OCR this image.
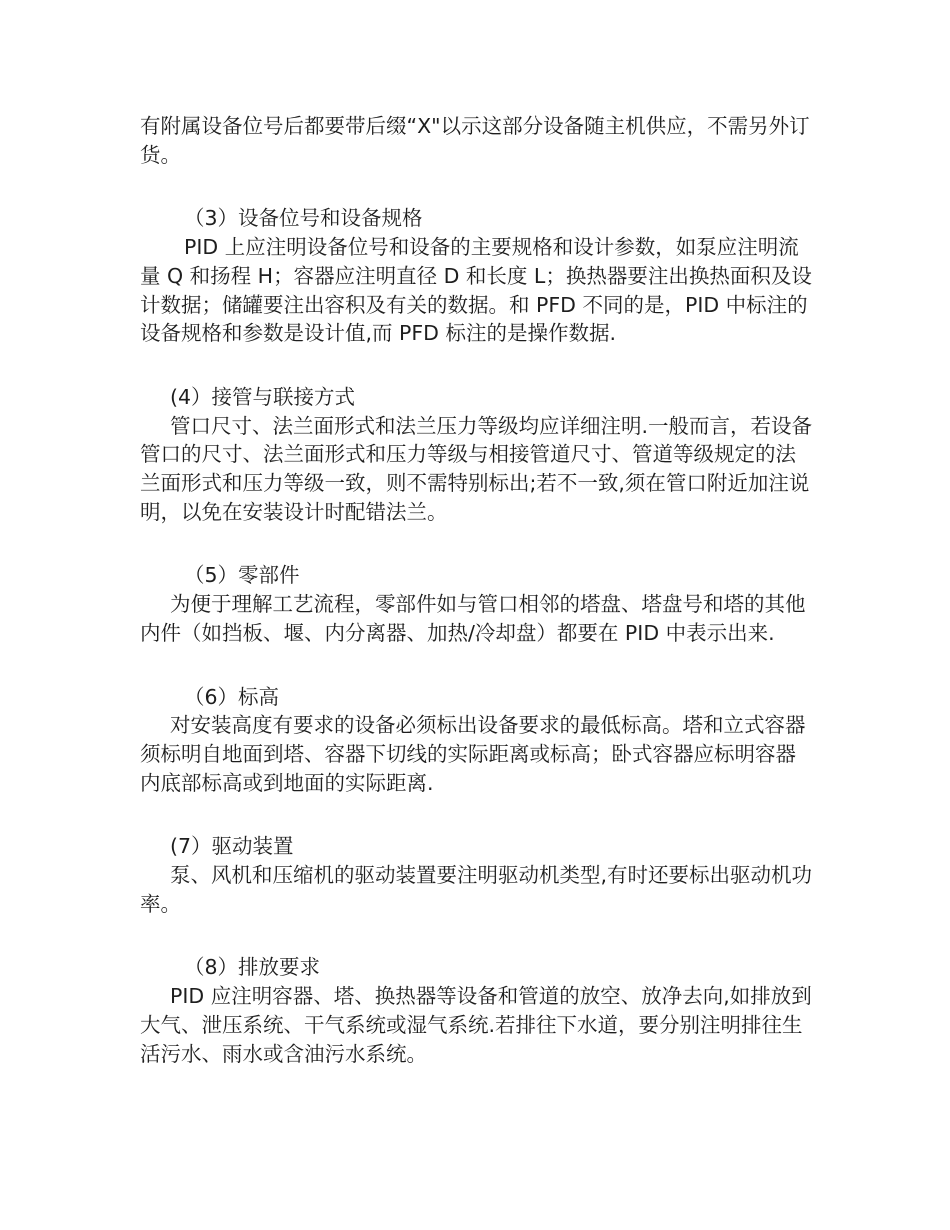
有附属设备位号后都要带后缀“X"以示这部分设备随主机供应，不需另外订货。

（3）设备位号和设备规格

PID 上应注明设备位号和设备的主要规格和设计参数，如泵应注明流量 Q 和扬程 H；容器应注明直径 D 和长度 L；换热器要注出换热面积及设计数据；储罐要注出容积及有关的数据。和 PFD 不同的是，PID 中标注的设备规格和参数是设计值,而 PFD 标注的是操作数据.

(4）接管与联接方式

管口尺寸、法兰面形式和法兰压力等级均应详细注明.一般而言，若设备管口的尺寸、法兰面形式和压力等级与相接管道尺寸、管道等级规定的法兰面形式和压力等级一致，则不需特别标出;若不一致,须在管口附近加注说明，以免在安装设计时配错法兰。

（5）零部件

为便于理解工艺流程，零部件如与管口相邻的塔盘、塔盘号和塔的其他内件（如挡板、堰、内分离器、加热/冷却盘）都要在 PID 中表示出来.

（6）标高

对安装高度有要求的设备必须标出设备要求的最低标高。塔和立式容器须标明自地面到塔、容器下切线的实际距离或标高；卧式容器应标明容器内底部标高或到地面的实际距离.

(7）驱动装置

泵、风机和压缩机的驱动装置要注明驱动机类型,有时还要标出驱动机功率。

（8）排放要求

PID 应注明容器、塔、换热器等设备和管道的放空、放净去向,如排放到大气、泄压系统、干气系统或湿气系统.若排往下水道，要分别注明排往生活污水、雨水或含油污水系统。
